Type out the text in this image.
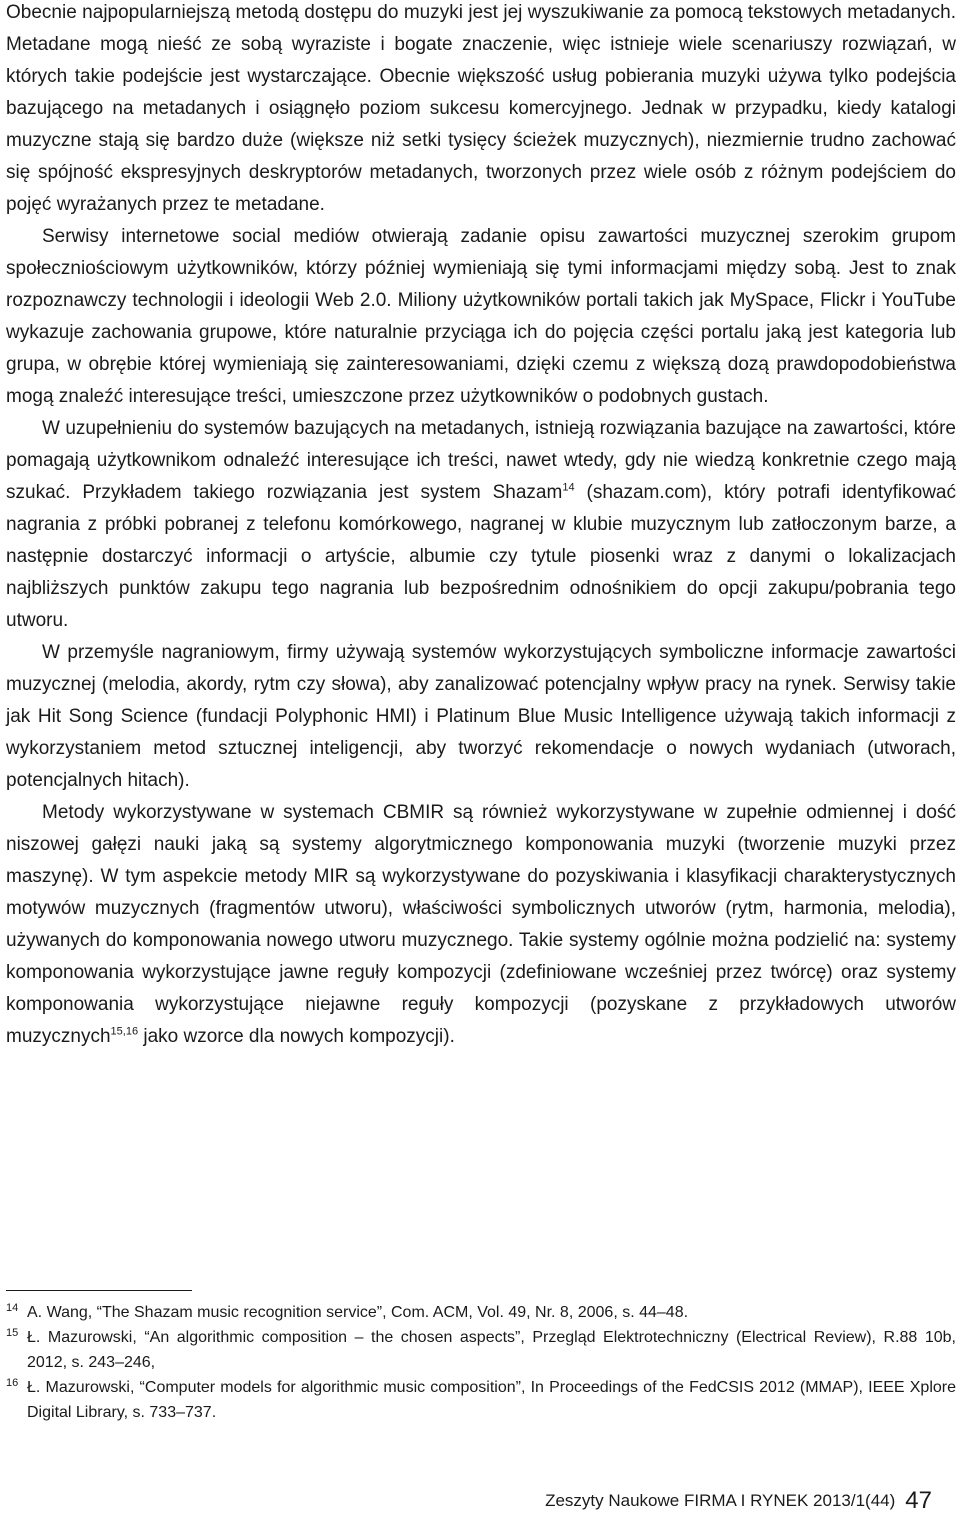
Obecnie najpopularniejszą metodą dostępu do muzyki jest jej wyszukiwanie za pomocą tekstowych metadanych. Metadane mogą nieść ze sobą wyraziste i bogate znaczenie, więc istnieje wiele scenariuszy rozwiązań, w których takie podejście jest wystarczające. Obecnie większość usług pobierania muzyki używa tylko podejścia bazującego na metadanych i osiągnęło poziom sukcesu komercyjnego. Jednak w przypadku, kiedy katalogi muzyczne stają się bardzo duże (większe niż setki tysięcy ścieżek muzycznych), niezmiernie trudno zachować się spójność ekspresyjnych deskryptorów metadanych, tworzonych przez wiele osób z różnym podejściem do pojęć wyrażanych przez te metadane.

Serwisy internetowe social mediów otwierają zadanie opisu zawartości muzycznej szerokim grupom społeczniościowym użytkowników, którzy później wymieniają się tymi informacjami między sobą. Jest to znak rozpoznawczy technologii i ideologii Web 2.0. Miliony użytkowników portali takich jak MySpace, Flickr i YouTube wykazuje zachowania grupowe, które naturalnie przyciąga ich do pojęcia części portalu jaką jest kategoria lub grupa, w obrębie której wymieniają się zainteresowaniami, dzięki czemu z większą dozą prawdopodobieństwa mogą znaleźć interesujące treści, umieszczone przez użytkowników o podobnych gustach.

W uzupełnieniu do systemów bazujących na metadanych, istnieją rozwiązania bazujące na zawartości, które pomagają użytkownikom odnaleźć interesujące ich treści, nawet wtedy, gdy nie wiedzą konkretnie czego mają szukać. Przykładem takiego rozwiązania jest system Shazam$^{14}$ (shazam.com), który potrafi identyfikować nagrania z próbki pobranej z telefonu komórkowego, nagranej w klubie muzycznym lub zatłoczonym barze, a następnie dostarczyć informacji o artyście, albumie czy tytule piosenki wraz z danymi o lokalizacjach najbliższych punktów zakupu tego nagrania lub bezpośrednim odnośnikiem do opcji zakupu/pobrania tego utworu.

W przemyśle nagraniowym, firmy używają systemów wykorzystujących symboliczne informacje zawartości muzycznej (melodia, akordy, rytm czy słowa), aby zanalizować potencjalny wpływ pracy na rynek. Serwisy takie jak Hit Song Science (fundacji Polyphonic HMI) i Platinum Blue Music Intelligence używają takich informacji z wykorzystaniem metod sztucznej inteligencji, aby tworzyć rekomendacje o nowych wydaniach (utworach, potencjalnych hitach).

Metody wykorzystywane w systemach CBMIR są również wykorzystywane w zupełnie odmiennej i dość niszowej gałęzi nauki jaką są systemy algorytmicznego komponowania muzyki (tworzenie muzyki przez maszynę). W tym aspekcie metody MIR są wykorzystywane do pozyskiwania i klasyfikacji charakterystycznych motywów muzycznych (fragmentów utworu), właściwości symbolicznych utworów (rytm, harmonia, melodia), używanych do komponowania nowego utworu muzycznego. Takie systemy ogólnie można podzielić na: systemy komponowania wykorzystujące jawne reguły kompozycji (zdefiniowane wcześniej przez twórcę) oraz systemy komponowania wykorzystujące niejawne reguły kompozycji (pozyskane z przykładowych utworów muzycznych$^{15,16}$ jako wzorce dla nowych kompozycji).

14 A. Wang, “The Shazam music recognition service”, Com. ACM, Vol. 49, Nr. 8, 2006, s. 44–48.
15 Ł. Mazurowski, “An algorithmic composition – the chosen aspects”, Przegląd Elektrotechniczny (Electrical Review), R.88 10b, 2012, s. 243–246,
16 Ł. Mazurowski, “Computer models for algorithmic music composition”, In Proceedings of the FedCSIS 2012 (MMAP), IEEE Xplore Digital Library, s. 733–737.
Zeszyty Naukowe FIRMA I RYNEK 2013/1(44) 47
